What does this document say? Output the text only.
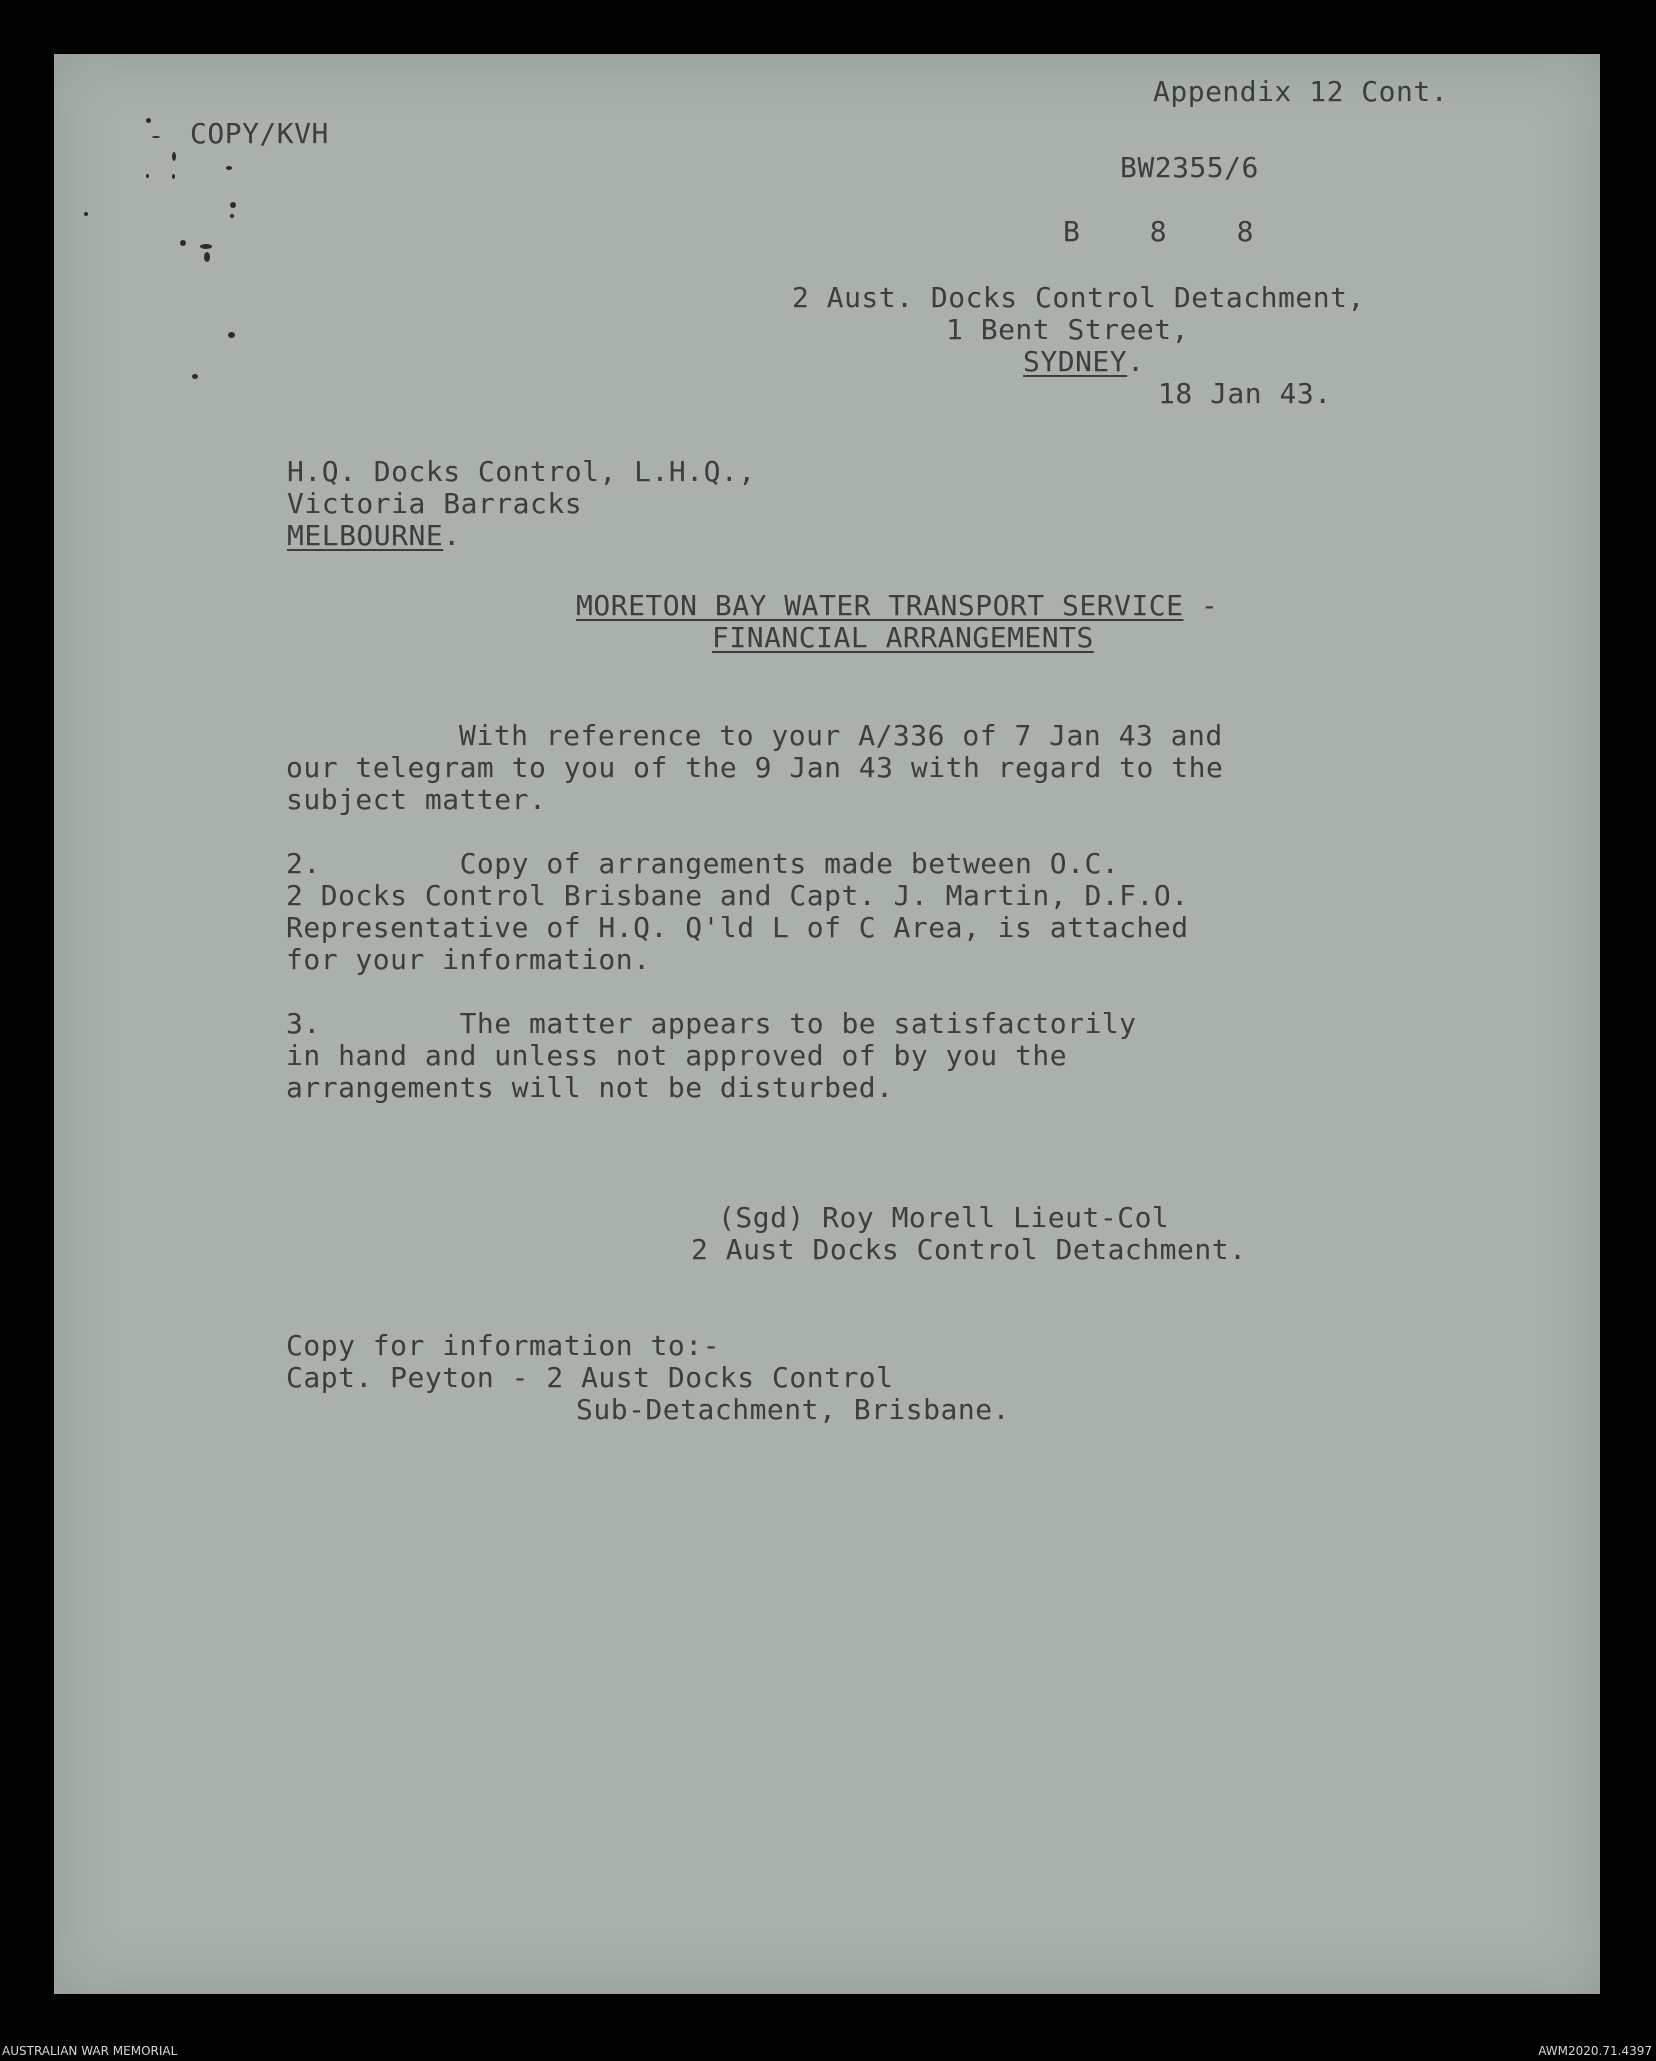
Appendix 12 Cont.
COPY/KVH
BW2355/6
B    8    8
2 Aust. Docks Control Detachment,
1 Bent Street,
SYDNEY.
18 Jan 43.
H.Q. Docks Control, L.H.Q.,
Victoria Barracks
MELBOURNE.
MORETON BAY WATER TRANSPORT SERVICE -
FINANCIAL ARRANGEMENTS
With reference to your A/336 of 7 Jan 43 and
our telegram to you of the 9 Jan 43 with regard to the
subject matter.
2.        Copy of arrangements made between O.C.
2 Docks Control Brisbane and Capt. J. Martin, D.F.O.
Representative of H.Q. Q'ld L of C Area, is attached
for your information.
3.        The matter appears to be satisfactorily
in hand and unless not approved of by you the
arrangements will not be disturbed.
(Sgd) Roy Morell Lieut-Col
2 Aust Docks Control Detachment.
Copy for information to:-
Capt. Peyton - 2 Aust Docks Control
Sub-Detachment, Brisbane.
AUSTRALIAN WAR MEMORIAL	AWM2020.71.4397
